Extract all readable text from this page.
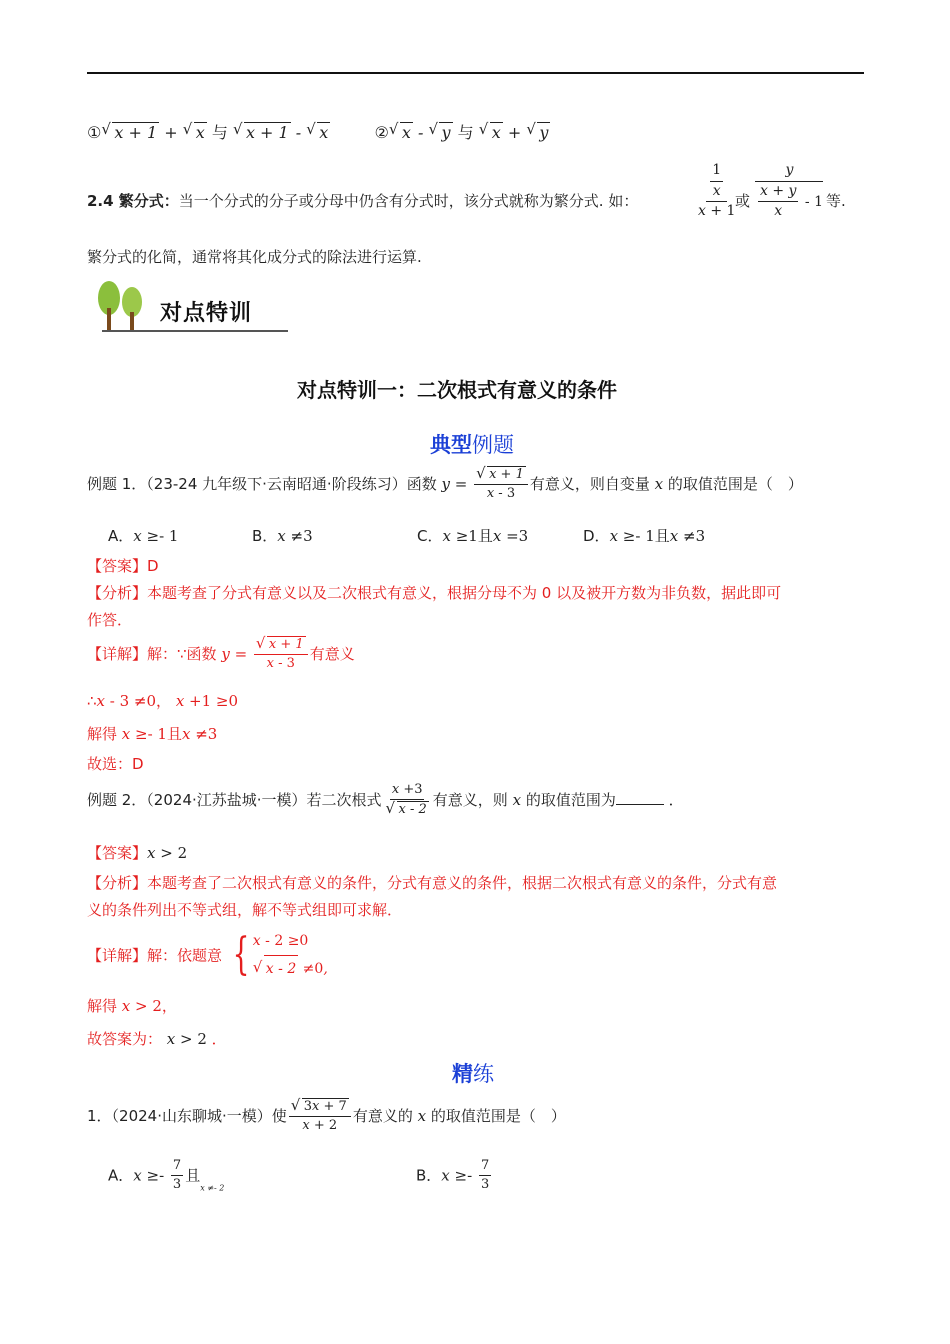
① √ x + 1 + √ x 与 √ x + 1 - √ x	② √ x - √ y 与 √ x + √ y
2.4 繁分式：当一个分式的分子或分母中仍含有分式时，该分式就称为繁分式. 如：	$\frac{\frac{1}{x}}{x + 1}$
或 $\frac{y}{\frac{x + y}{x} - 1}$ 等.
繁分式的化简，通常将其化成分式的除法进行运算.
对点特训
对点特训一：二次根式有意义的条件
典型例题
例题 1．（23-24 九年级下·云南昭通·阶段练习）函数 y = √ $\frac{x + 1}{x - 3}$ 有意义，则自变量 x 的取值范围是（　）
A．x ≥- 1	B．x ≠3	C．x ≥1且x =3	D．x ≥- 1且x ≠3
【答案】D
【分析】本题考查了分式有意义以及二次根式有意义，根据分母不为 0 以及被开方数为非负数，据此即可
作答．
【详解】解：∵函数 y = √ $\frac{x + 1}{x - 3}$ 有意义
∴x - 3 ≠0， x +1 ≥0
解得 x ≥- 1且x ≠3
故选：D
例题 2．（2024·江苏盐城·一模）若二次根式 x +3
√ x - 2 有意义，则 x 的取值范围为	．
【答案】x > 2
【分析】本题考查了二次根式有意义的条件，分式有意义的条件，根据二次根式有意义的条件，分式有意
义的条件列出不等式组，解不等式组即可求解．
【详解】解：依题意 { x - 2 ≥0
√ x - 2 ≠0,
解得 x > 2，
故答案为： x > 2 ．
精练
1．（2024·山东聊城·一模）使 √ $\frac{3x + 7}{x + 2}$ 有意义的 x 的取值范围是（　）
A．$x \ge- \frac{7}{3}$ 且$_{x \ne- 2}$
B．$x \ge- \frac{7}{3}$
